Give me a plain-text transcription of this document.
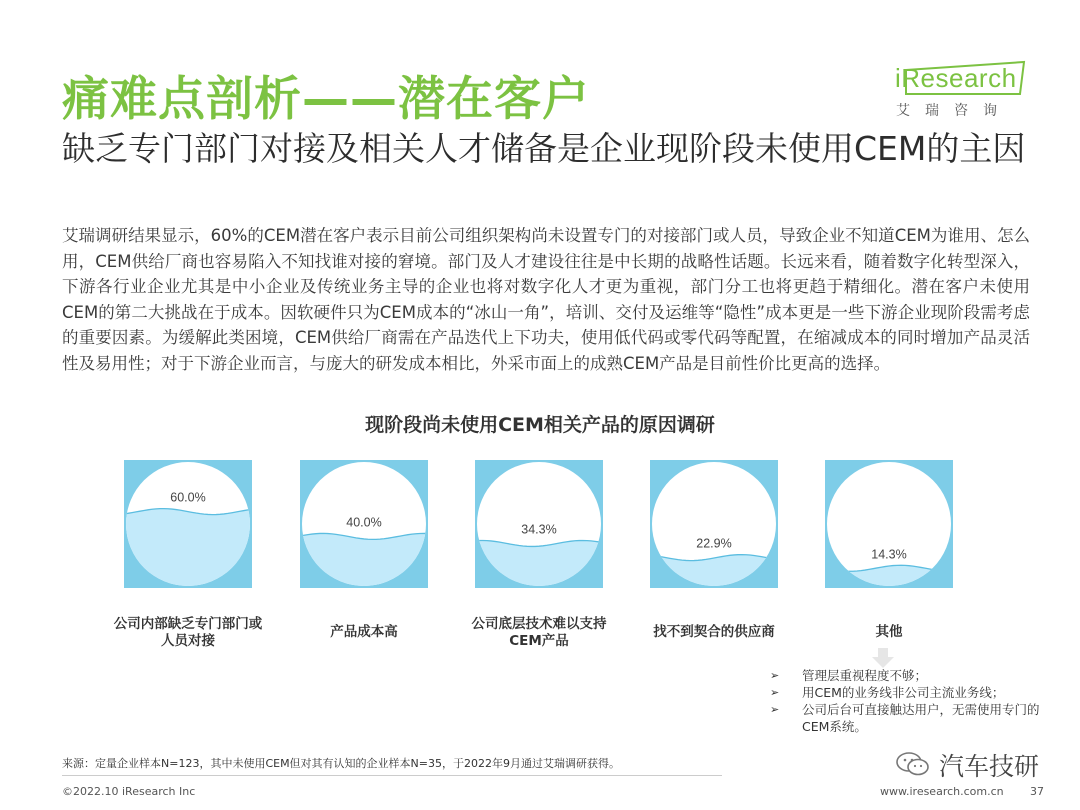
痛难点剖析——潜在客户	iResearch
艾瑞咨询
缺乏专门部门对接及相关人才储备是企业现阶段未使用CEM的主因
艾瑞调研结果显示，60%的CEM潜在客户表示目前公司组织架构尚未设置专门的对接部门或人员，导致企业不知道CEM为谁用、怎么用，CEM供给厂商也容易陷入不知找谁对接的窘境。部门及人才建设往往是中长期的战略性话题。长远来看，随着数字化转型深入，下游各行业企业尤其是中小企业及传统业务主导的企业也将对数字化人才更为重视，部门分工也将更趋于精细化。潜在客户未使用CEM的第二大挑战在于成本。因软硬件只为CEM成本的“冰山一角”，培训、交付及运维等“隐性”成本更是一些下游企业现阶段需考虑的重要因素。为缓解此类困境，CEM供给厂商需在产品迭代上下功夫，使用低代码或零代码等配置，在缩减成本的同时增加产品灵活性及易用性；对于下游企业而言，与庞大的研发成本相比，外采市面上的成熟CEM产品是目前性价比更高的选择。
现阶段尚未使用CEM相关产品的原因调研
60.0%
40.0%
34.3%
22.9%
14.3%
公司内部缺乏专门部门或
人员对接
产品成本高	公司底层技术难以支持
CEM产品
找不到契合的供应商	其他
➢ 管理层重视程度不够；
➢ 用CEM的业务线非公司主流业务线；
➢ 公司后台可直接触达用户，无需使用专门的CEM系统。
来源：定量企业样本N=123，其中未使用CEM但对其有认知的企业样本N=35，于2022年9月通过艾瑞调研获得。
©2022.10 iResearch Inc
汽车技研
www.iresearch.com.cn 37
